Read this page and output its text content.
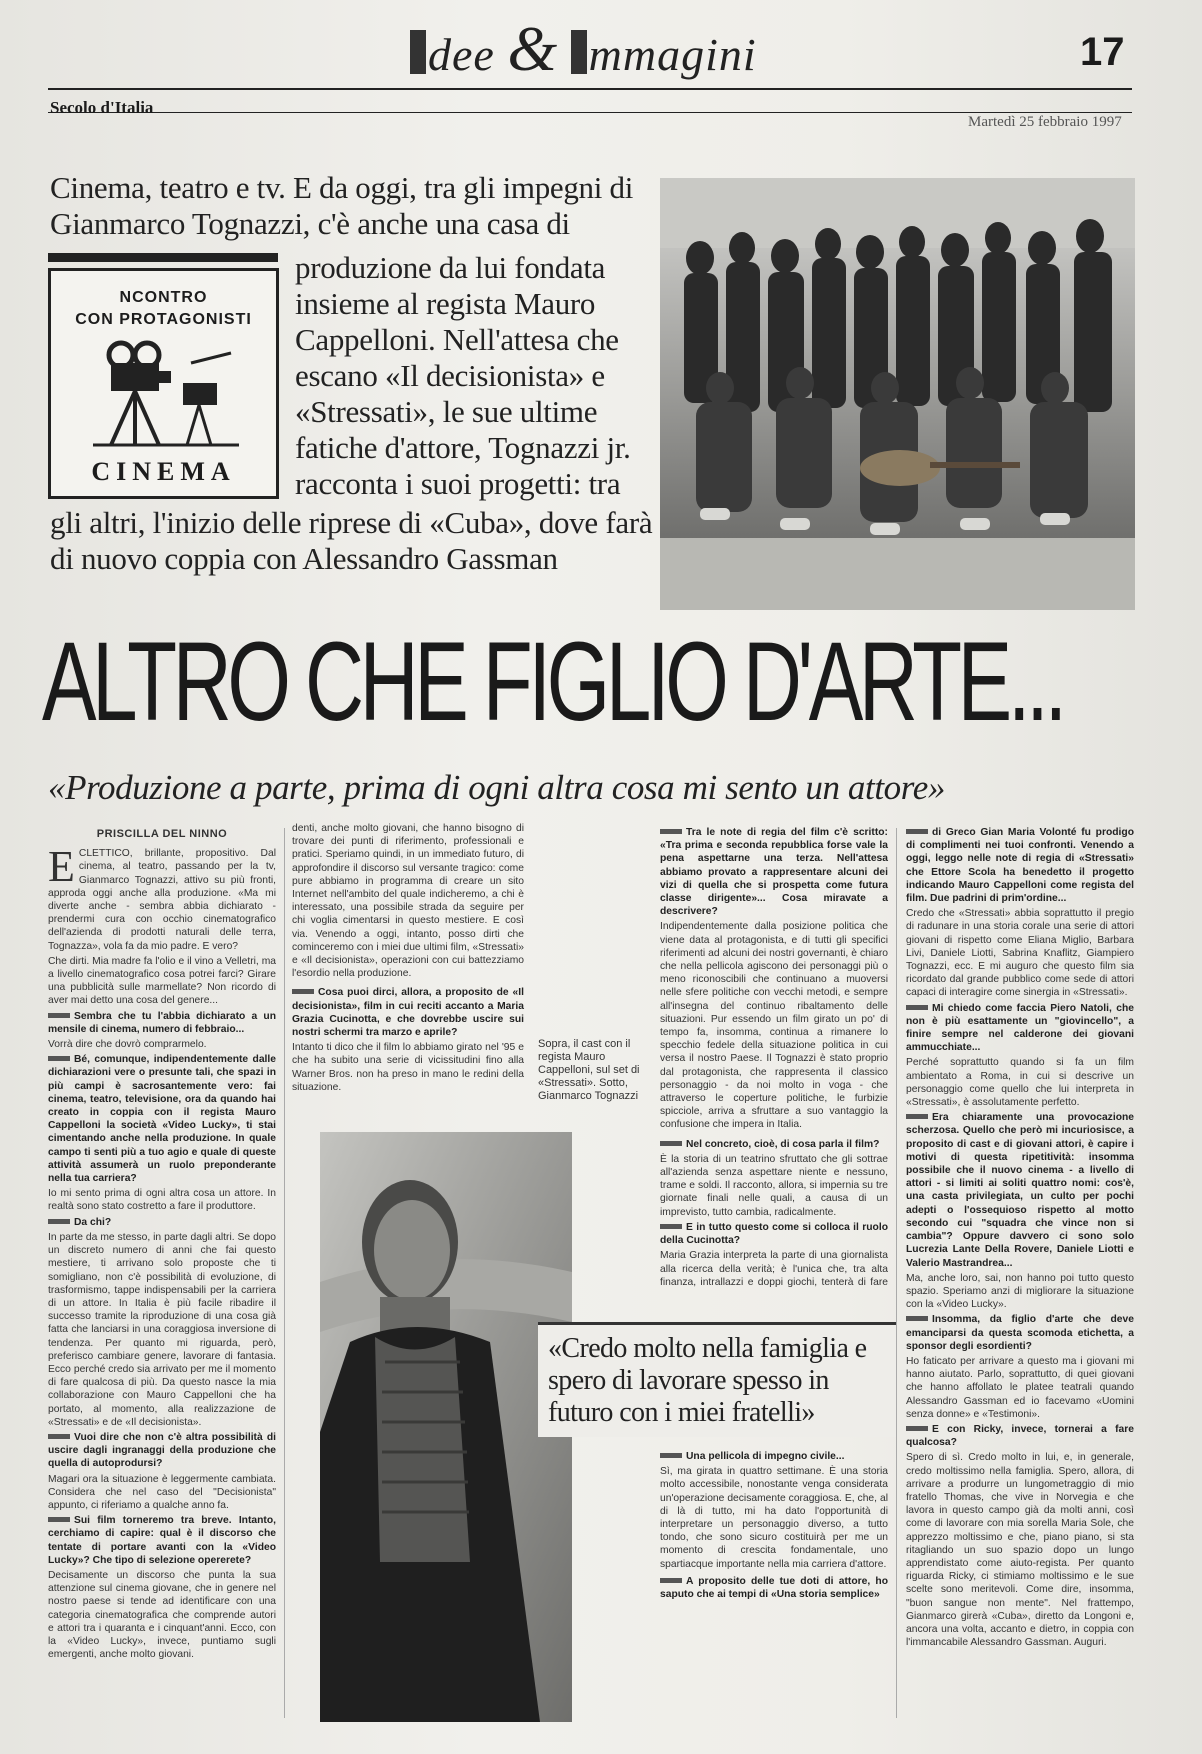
dee & mmagini	17
Secolo d'Italia
Martedì 25 febbraio 1997
Cinema, teatro e tv. E da oggi, tra gli impegni di Gianmarco Tognazzi, c'è anche una casa di
produzione da lui fondata insieme al regista Mauro Cappelloni. Nell'attesa che escano «Il decisionista» e «Stressati», le sue ultime fatiche d'attore, Tognazzi jr. racconta i suoi progetti: tra
gli altri, l'inizio delle riprese di «Cuba», dove farà di nuovo coppia con Alessandro Gassman
NCONTRO
CON PROTAGONISTI
CINEMA
ALTRO CHE FIGLIO D'ARTE...
«Produzione a parte, prima di ogni altra cosa mi sento un attore»
PRISCILLA DEL NINNO

ECLETTICO, brillante, propositivo. Dal cinema, al teatro, passando per la tv, Gianmarco Tognazzi, attivo su più fronti, approda oggi anche alla produzione. «Ma mi diverte anche - sembra abbia dichiarato - prendermi cura con occhio cinematografico dell'azienda di prodotti naturali delle terra, Tognazza», vola fa da mio padre. E vero?

Che dirti. Mia madre fa l'olio e il vino a Velletri, ma a livello cinematografico cosa potrei farci? Girare una pubblicità sulle marmellate? Non ricordo di aver mai detto una cosa del genere...

Sembra che tu l'abbia dichiarato a un mensile di cinema, numero di febbraio...

Vorrà dire che dovrò comprarmelo.

Bé, comunque, indipendentemente dalle dichiarazioni vere o presunte tali, che spazi in più campi è sacrosantemente vero: fai cinema, teatro, televisione, ora da quando hai creato in coppia con il regista Mauro Cappelloni la società «Video Lucky», ti stai cimentando anche nella produzione. In quale campo ti senti più a tuo agio e quale di queste attività assumerà un ruolo preponderante nella tua carriera?

Io mi sento prima di ogni altra cosa un attore. In realtà sono stato costretto a fare il produttore.

Da chi?

In parte da me stesso, in parte dagli altri. Se dopo un discreto numero di anni che fai questo mestiere, ti arrivano solo proposte che ti somigliano, non c'è possibilità di evoluzione, di trasformismo, tappe indispensabili per la carriera di un attore. In Italia è più facile ribadire il successo tramite la riproduzione di una cosa già fatta che lanciarsi in una coraggiosa inversione di tendenza. Per quanto mi riguarda, però, preferisco cambiare genere, lavorare di fantasia. Ecco perché credo sia arrivato per me il momento di fare qualcosa di più. Da questo nasce la mia collaborazione con Mauro Cappelloni che ha portato, al momento, alla realizzazione de «Stressati» e de «Il decisionista».

Vuoi dire che non c'è altra possibilità di uscire dagli ingranaggi della produzione che quella di autoprodursi?

Magari ora la situazione è leggermente cambiata. Considera che nel caso del "Decisionista" appunto, ci riferiamo a qualche anno fa.

Sui film torneremo tra breve. Intanto, cerchiamo di capire: qual è il discorso che tentate di portare avanti con la «Video Lucky»? Che tipo di selezione opererete?

Decisamente un discorso che punta la sua attenzione sul cinema giovane, che in genere nel nostro paese si tende ad identificare con una categoria cinematografica che comprende autori e attori tra i quaranta e i cinquant'anni. Ecco, con la «Video Lucky», invece, puntiamo sugli emergenti, anche molto giovani.

denti, anche molto giovani, che hanno bisogno di trovare dei punti di riferimento, professionali e pratici. Speriamo quindi, in un immediato futuro, di approfondire il discorso sul versante tragico: come pure abbiamo in programma di creare un sito Internet nell'ambito del quale indicheremo, a chi è interessato, una possibile strada da seguire per chi voglia cimentarsi in questo mestiere. E così via. Venendo a oggi, intanto, posso dirti che cominceremo con i miei due ultimi film, «Stressati» e «Il decisionista», operazioni con cui battezziamo l'esordio nella produzione.

Cosa puoi dirci, allora, a proposito de «Il decisionista», film in cui reciti accanto a Maria Grazia Cucinotta, e che dovrebbe uscire sui nostri schermi tra marzo e aprile?

Intanto ti dico che il film lo abbiamo girato nel '95 e che ha subito una serie di vicissitudini fino alla Warner Bros. non ha preso in mano le redini della situazione.

Sopra, il cast con il regista Mauro Cappelloni, sul set di «Stressati». Sotto, Gianmarco Tognazzi
«Credo molto nella famiglia e spero di lavorare spesso in futuro con i miei fratelli»

Tra le note di regia del film c'è scritto: «Tra prima e seconda repubblica forse vale la pena aspettarne una terza. Nell'attesa abbiamo provato a rappresentare alcuni dei vizi di quella che si prospetta come futura classe dirigente»... Cosa miravate a descrivere?

Indipendentemente dalla posizione politica che viene data al protagonista, e di tutti gli specifici riferimenti ad alcuni dei nostri governanti, è chiaro che nella pellicola agiscono dei personaggi più o meno riconoscibili che continuano a muoversi nelle sfere politiche con vecchi metodi, e sempre all'insegna del continuo ribaltamento delle situazioni. Pur essendo un film girato un po' di tempo fa, insomma, continua a rimanere lo specchio fedele della situazione politica in cui versa il nostro Paese. Il Tognazzi è stato proprio dal protagonista, che rappresenta il classico personaggio - da noi molto in voga - che attraverso le coperture politiche, le furbizie spicciole, arriva a sfruttare a suo vantaggio la confusione che impera in Italia.

Nel concreto, cioè, di cosa parla il film?

È la storia di un teatrino sfruttato che gli sottrae all'azienda senza aspettare niente e nessuno, trame e soldi. Il racconto, allora, si impernia su tre giornate finali nelle quali, a causa di un imprevisto, tutto cambia, radicalmente.

E in tutto questo come si colloca il ruolo della Cucinotta?

Maria Grazia interpreta la parte di una giornalista alla ricerca della verità; è l'unica che, tra alta finanza, intrallazzi e doppi giochi, tenterà di fare

Una pellicola di impegno civile...

Sì, ma girata in quattro settimane. È una storia molto accessibile, nonostante venga considerata un'operazione decisamente coraggiosa. E, che, al di là di tutto, mi ha dato l'opportunità di interpretare un personaggio diverso, a tutto tondo, che sono sicuro costituirà per me un momento di crescita fondamentale, uno spartiacque importante nella mia carriera d'attore.

A proposito delle tue doti di attore, ho saputo che ai tempi di «Una storia semplice»

di Greco Gian Maria Volonté fu prodigo di complimenti nei tuoi confronti. Venendo a oggi, leggo nelle note di regia di «Stressati» che Ettore Scola ha benedetto il progetto indicando Mauro Cappelloni come regista del film. Due padrini di prim'ordine...

Credo che «Stressati» abbia soprattutto il pregio di radunare in una storia corale una serie di attori giovani di rispetto come Eliana Miglio, Barbara Livi, Daniele Liotti, Sabrina Knaflitz, Giampiero Tognazzi, ecc. E mi auguro che questo film sia ricordato dal grande pubblico come sede di attori capaci di interagire come sinergia in «Stressati».

Mi chiedo come faccia Piero Natoli, che non è più esattamente un "giovincello", a finire sempre nel calderone dei giovani ammucchiate...

Perché soprattutto quando si fa un film ambientato a Roma, in cui si descrive un personaggio come quello che lui interpreta in «Stressati», è assolutamente perfetto.

Era chiaramente una provocazione scherzosa. Quello che però mi incuriosisce, a proposito di cast e di giovani attori, è capire i motivi di questa ripetitività: insomma possibile che il nuovo cinema - a livello di attori - si limiti ai soliti quattro nomi: cos'è, una casta privilegiata, un culto per pochi adepti o l'ossequioso rispetto al motto secondo cui "squadra che vince non si cambia"? Oppure davvero ci sono solo Lucrezia Lante Della Rovere, Daniele Liotti e Valerio Mastrandrea...

Ma, anche loro, sai, non hanno poi tutto questo spazio. Speriamo anzi di migliorare la situazione con la «Video Lucky».

Insomma, da figlio d'arte che deve emanciparsi da questa scomoda etichetta, a sponsor degli esordienti?

Ho faticato per arrivare a questo ma i giovani mi hanno aiutato. Parlo, soprattutto, di quei giovani che hanno affollato le platee teatrali quando Alessandro Gassman ed io facevamo «Uomini senza donne» e «Testimoni».

E con Ricky, invece, tornerai a fare qualcosa?

Spero di sì. Credo molto in lui, e, in generale, credo moltissimo nella famiglia. Spero, allora, di arrivare a produrre un lungometraggio di mio fratello Thomas, che vive in Norvegia e che lavora in questo campo già da molti anni, così come di lavorare con mia sorella Maria Sole, che apprezzo moltissimo e che, piano piano, si sta ritagliando un suo spazio dopo un lungo apprendistato come aiuto-regista. Per quanto riguarda Ricky, ci stimiamo moltissimo e le sue scelte sono meritevoli. Come dire, insomma, "buon sangue non mente". Nel frattempo, Gianmarco girerà «Cuba», diretto da Longoni e, ancora una volta, accanto e dietro, in coppia con l'immancabile Alessandro Gassman. Auguri.
